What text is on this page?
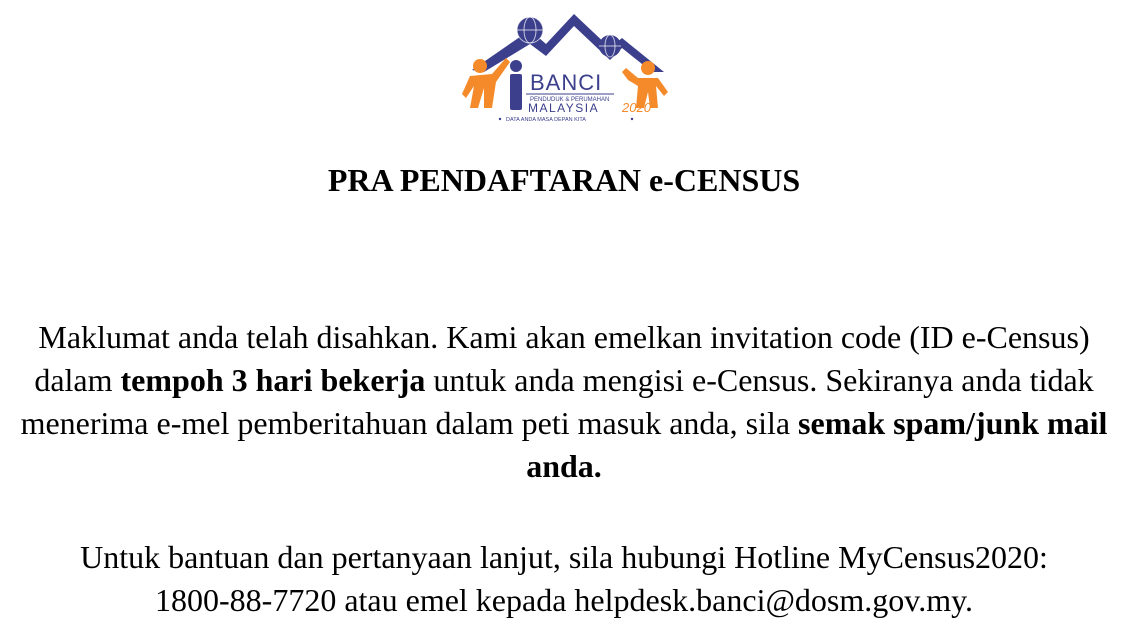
BANCI
PENDUDUK & PERUMAHAN
MALAYSIA 2020
DATA ANDA MASA DEPAN KITA
PRA PENDAFTARAN e-CENSUS

Maklumat anda telah disahkan. Kami akan emelkan invitation code (ID e-Census) dalam tempoh 3 hari bekerja untuk anda mengisi e-Census. Sekiranya anda tidak menerima e-mel pemberitahuan dalam peti masuk anda, sila semak spam/junk mail anda.

Untuk bantuan dan pertanyaan lanjut, sila hubungi Hotline MyCensus2020:
1800-88-7720 atau emel kepada helpdesk.banci@dosm.gov.my.
